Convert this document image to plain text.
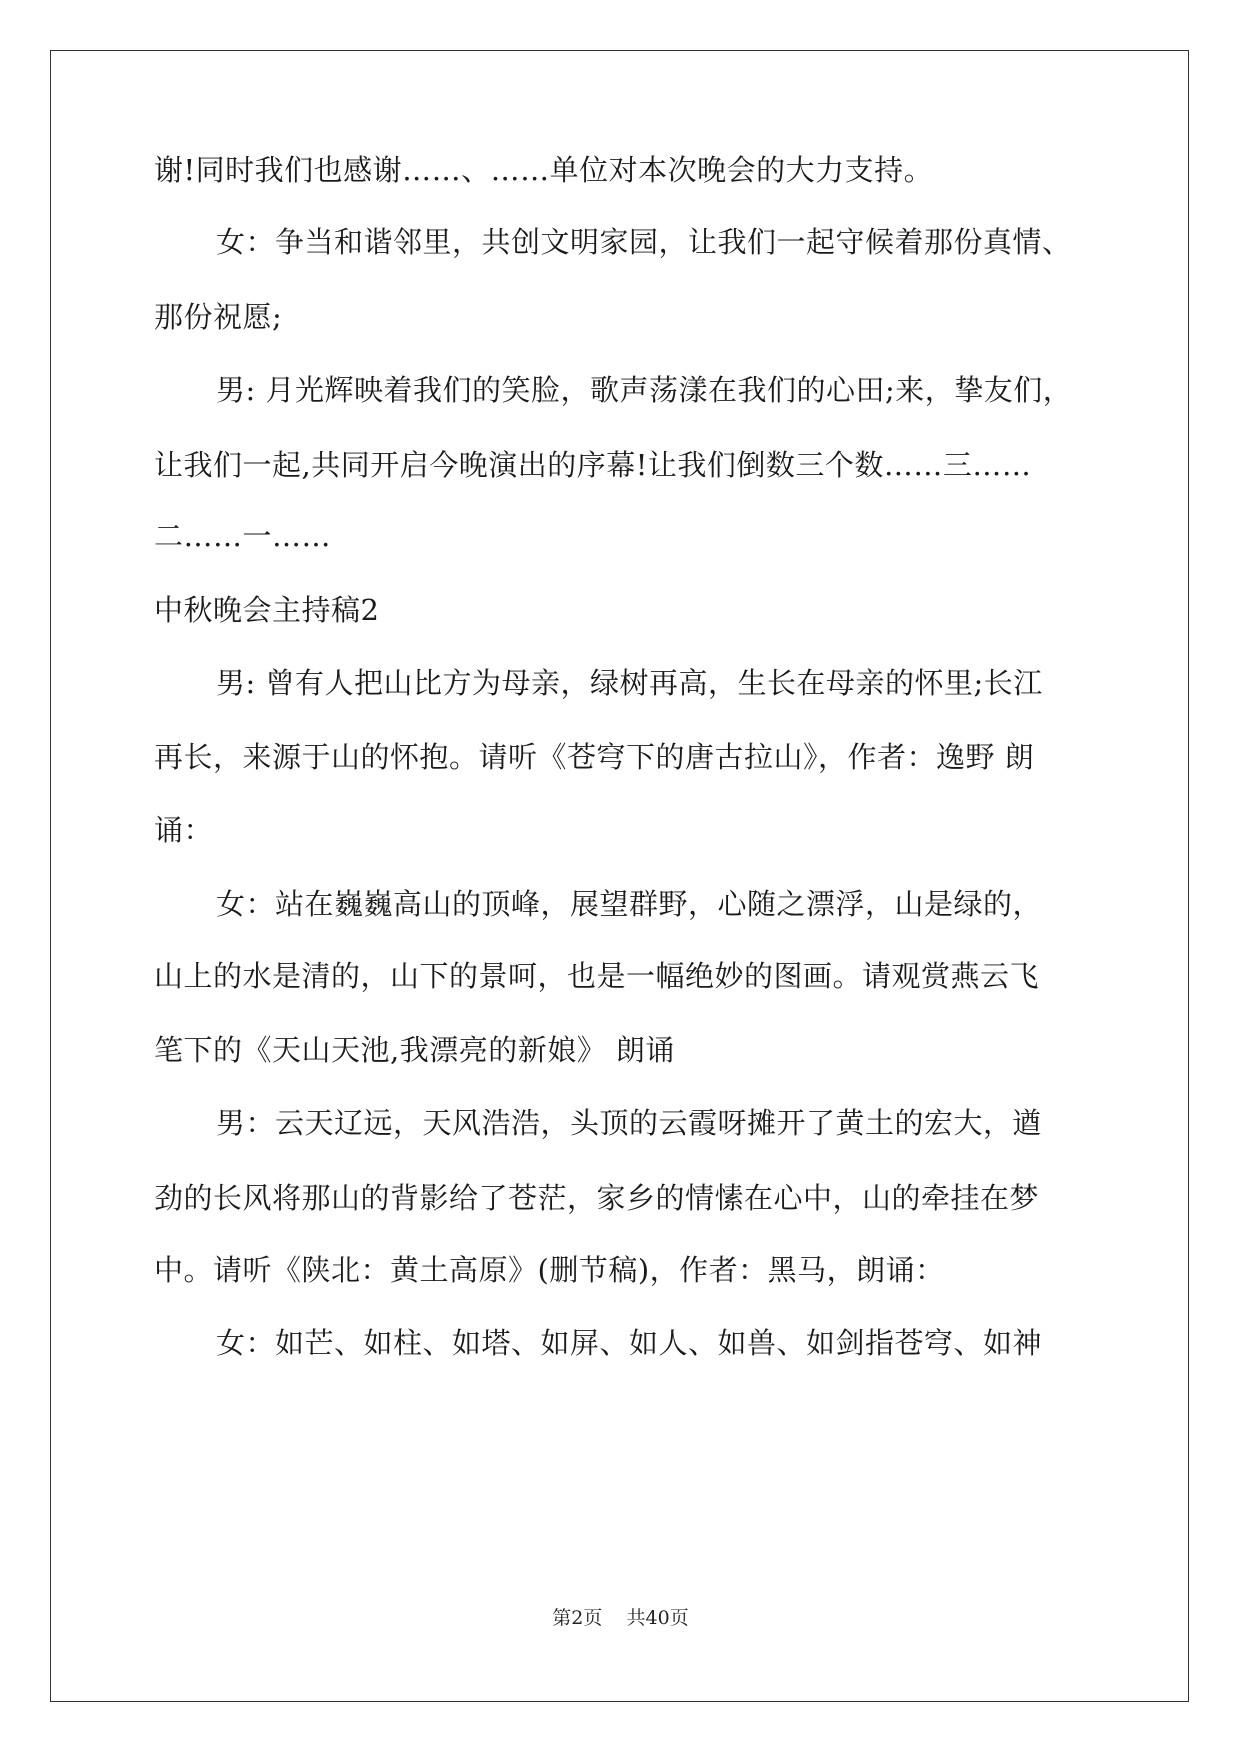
谢!同时我们也感谢……、……单位对本次晚会的大力支持。
女：争当和谐邻里，共创文明家园，让我们一起守候着那份真情、
那份祝愿;
男: 月光辉映着我们的笑脸，歌声荡漾在我们的心田;来，挚友们，
让我们一起,共同开启今晚演出的序幕!让我们倒数三个数……三……
二……一……
中秋晚会主持稿2
男: 曾有人把山比方为母亲，绿树再高，生长在母亲的怀里;长江
再长，来源于山的怀抱。请听《苍穹下的唐古拉山》，作者：逸野 朗
诵：
女：站在巍巍高山的顶峰，展望群野，心随之漂浮，山是绿的，
山上的水是清的，山下的景呵，也是一幅绝妙的图画。请观赏燕云飞
笔下的《天山天池,我漂亮的新娘》 朗诵
男：云天辽远，天风浩浩，头顶的云霞呀摊开了黄土的宏大，遒
劲的长风将那山的背影给了苍茫，家乡的情愫在心中，山的牵挂在梦
中。请听《陕北：黄土高原》(删节稿)，作者：黑马，朗诵：
女：如芒、如柱、如塔、如屏、如人、如兽、如剑指苍穹、如神
第2页    共40页
